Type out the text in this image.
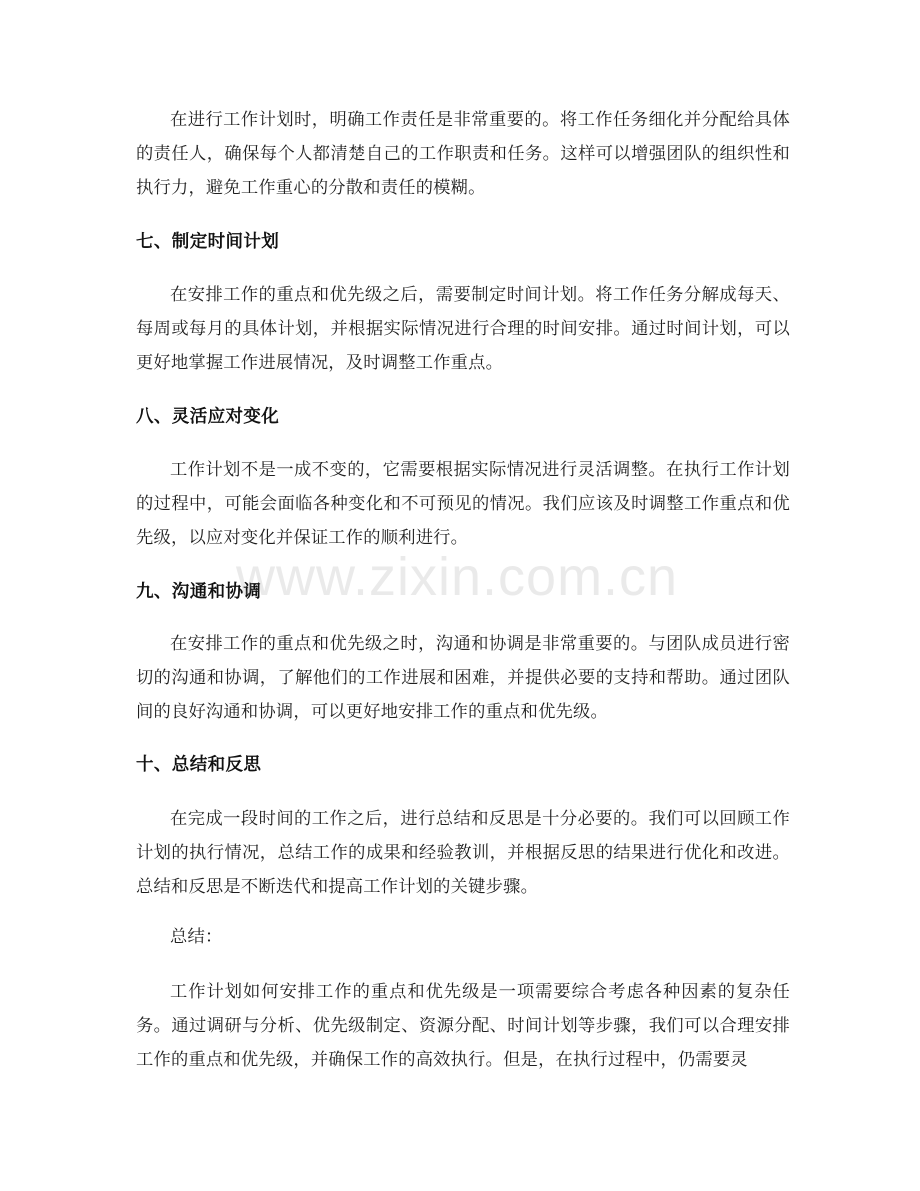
在进行工作计划时，明确工作责任是非常重要的。将工作任务细化并分配给具体的责任人，确保每个人都清楚自己的工作职责和任务。这样可以增强团队的组织性和执行力，避免工作重心的分散和责任的模糊。

七、制定时间计划

在安排工作的重点和优先级之后，需要制定时间计划。将工作任务分解成每天、每周或每月的具体计划，并根据实际情况进行合理的时间安排。通过时间计划，可以更好地掌握工作进展情况，及时调整工作重点。

八、灵活应对变化

工作计划不是一成不变的，它需要根据实际情况进行灵活调整。在执行工作计划的过程中，可能会面临各种变化和不可预见的情况。我们应该及时调整工作重点和优先级，以应对变化并保证工作的顺利进行。

九、沟通和协调

在安排工作的重点和优先级之时，沟通和协调是非常重要的。与团队成员进行密切的沟通和协调，了解他们的工作进展和困难，并提供必要的支持和帮助。通过团队间的良好沟通和协调，可以更好地安排工作的重点和优先级。

十、总结和反思

在完成一段时间的工作之后，进行总结和反思是十分必要的。我们可以回顾工作计划的执行情况，总结工作的成果和经验教训，并根据反思的结果进行优化和改进。总结和反思是不断迭代和提高工作计划的关键步骤。

总结：

工作计划如何安排工作的重点和优先级是一项需要综合考虑各种因素的复杂任务。通过调研与分析、优先级制定、资源分配、时间计划等步骤，我们可以合理安排工作的重点和优先级，并确保工作的高效执行。但是，在执行过程中，仍需要灵

www.zixin.com.cn
